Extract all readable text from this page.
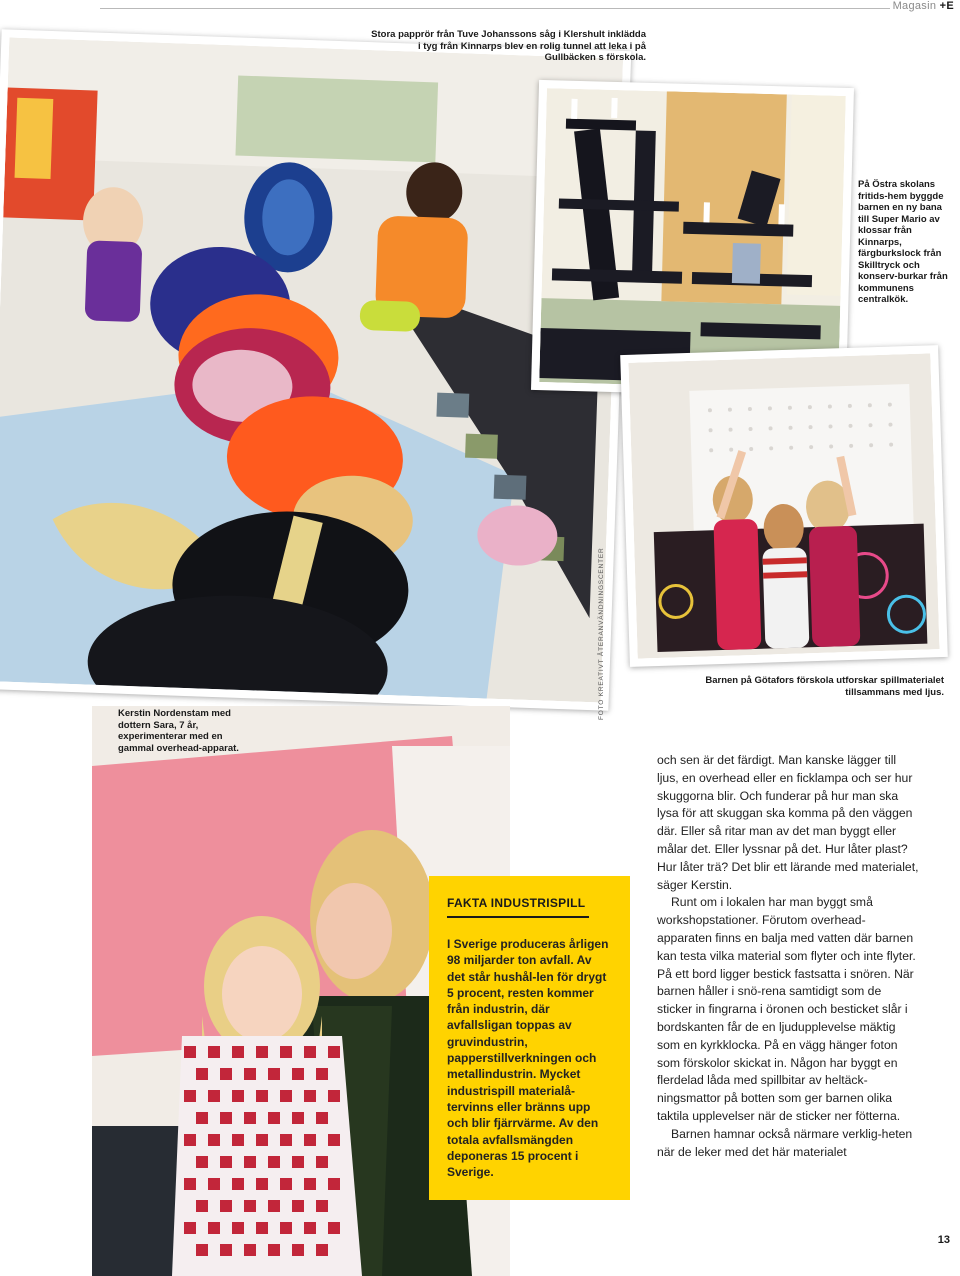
Magasin +E
Stora papprör från Tuve Johanssons såg i Klershult inklädda i tyg från Kinnarps blev en rolig tunnel att leka i på Gullbäcken s förskola.
På Östra skolans fritids-hem byggde barnen en ny bana till Super Mario av klossar från Kinnarps, färgburkslock från Skilltryck och konserv-burkar från kommunens centralkök.
Barnen på Götafors förskola utforskar spillmaterialet tillsammans med ljus.
Kerstin Nordenstam med dottern Sara, 7 år, experimenterar med en gammal overhead-apparat.
FOTO KREATIVT ÅTERANVÄNDNINGSCENTER
FAKTA INDUSTRISPILL

I Sverige produceras årligen 98 miljarder ton avfall. Av det står hushål-len för drygt 5 procent, resten kommer från industrin, där avfallsligan toppas av gruvindustrin, papperstillverkningen och metallindustrin. Mycket industrispill materialå-tervinns eller bränns upp och blir fjärrvärme. Av den totala avfallsmängden deponeras 15 procent i Sverige.

och sen är det färdigt. Man kanske lägger till ljus, en overhead eller en ficklampa och ser hur skuggorna blir. Och funderar på hur man ska lysa för att skuggan ska komma på den väggen där. Eller så ritar man av det man byggt eller målar det. Eller lyssnar på det. Hur låter plast? Hur låter trä? Det blir ett lärande med materialet, säger Kerstin.

Runt om i lokalen har man byggt små workshopstationer. Förutom overhead-apparaten finns en balja med vatten där barnen kan testa vilka material som flyter och inte flyter. På ett bord ligger bestick fastsatta i snören. När barnen håller i snö-rena samtidigt som de sticker in fingrarna i öronen och besticket slår i bordskanten får de en ljudupplevelse mäktig som en kyrkklocka. På en vägg hänger foton som förskolor skickat in. Någon har byggt en flerdelad låda med spillbitar av heltäck-ningsmattor på botten som ger barnen olika taktila upplevelser när de sticker ner fötterna.

Barnen hamnar också närmare verklig-heten när de leker med det här materialet

13
